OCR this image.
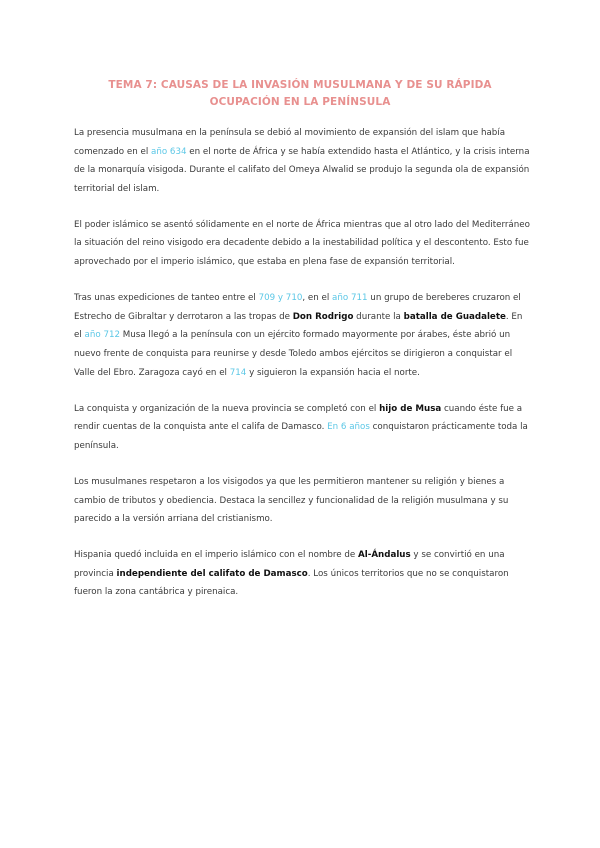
TEMA 7: CAUSAS DE LA INVASIÓN MUSULMANA Y DE SU RÁPIDA OCUPACIÓN EN LA PENÍNSULA

La presencia musulmana en la península se debió al movimiento de expansión del islam que había comenzado en el año 634 en el norte de África y se había extendido hasta el Atlántico, y la crisis interna de la monarquía visigoda. Durante el califato del Omeya Alwalid se produjo la segunda ola de expansión territorial del islam.

El poder islámico se asentó sólidamente en el norte de África mientras que al otro lado del Mediterráneo la situación del reino visigodo era decadente debido a la inestabilidad política y el descontento. Esto fue aprovechado por el imperio islámico, que estaba en plena fase de expansión territorial.

Tras unas expediciones de tanteo entre el 709 y 710, en el año 711 un grupo de bereberes cruzaron el Estrecho de Gibraltar y derrotaron a las tropas de Don Rodrigo durante la batalla de Guadalete. En el año 712 Musa llegó a la península con un ejército formado mayormente por árabes, éste abrió un nuevo frente de conquista para reunirse y desde Toledo ambos ejércitos se dirigieron a conquistar el Valle del Ebro. Zaragoza cayó en el 714 y siguieron la expansión hacia el norte.

La conquista y organización de la nueva provincia se completó con el hijo de Musa cuando éste fue a rendir cuentas de la conquista ante el califa de Damasco. En 6 años conquistaron prácticamente toda la península.

Los musulmanes respetaron a los visigodos ya que les permitieron mantener su religión y bienes a cambio de tributos y obediencia. Destaca la sencillez y funcionalidad de la religión musulmana y su parecido a la versión arriana del cristianismo.

Hispania quedó incluida en el imperio islámico con el nombre de Al-Ándalus y se convirtió en una provincia independiente del califato de Damasco. Los únicos territorios que no se conquistaron fueron la zona cantábrica y pirenaica.
